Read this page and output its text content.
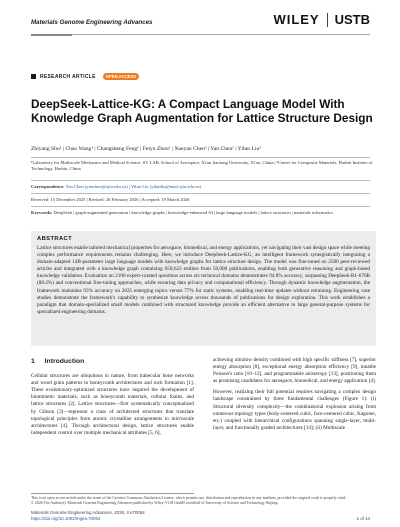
Materials Genome Engineering Advances	WILEY USTB
RESEARCH ARTICLE	OPEN ACCESS
DeepSeek-Lattice-KG: A Compact Language Model With Knowledge Graph Augmentation for Lattice Structure Design
Zhiyang Shu¹ | Chao Wang¹ | Changsheng Feng¹ | Feiyu Zhou¹ | Xueyan Chen² | Yan Chen¹ | Yilun Liu¹
¹Laboratory for Multiscale Mechanics and Medical Science, SV LAB, School of Aerospace, Xi'an Jiaotong University, Xi'an, China | ²Center for Composite Materials, Harbin Institute of Technology, Harbin, China
Correspondence: Yan Chen (yanchen@xjtu.edu.cn) | Yilun Liu (yilunliu@mail.xjtu.edu.cn)
Received: 15 December 2025 | Revised: 26 February 2026 | Accepted: 19 March 2026
Keywords: DeepSeek | graph-augmented generation | knowledge graphs | knowledge-enhanced AI | large language models | lattice structures | materials informatics
ABSTRACT
Lattice structures enable tailored mechanical properties for aerospace, biomedical, and energy applications, yet navigating their vast design space while meeting complex performance requirements remains challenging. Here, we introduce DeepSeek-Lattice-KG, an intelligent framework synergistically integrating a domain-adapted 14B-parameter large language models with knowledge graphs for lattice structure design. The model was fine-tuned on 2500 peer-reviewed articles and integrated with a knowledge graph containing 658,623 entities from 50,000 publications, enabling both generative reasoning and graph-based knowledge validation. Evaluation on 2100 expert-curated questions across six technical domains demonstrates 94.8% accuracy, surpassing DeepSeek-R1-670B (88.2%) and conventional fine-tuning approaches, while ensuring data privacy and computational efficiency. Through dynamic knowledge augmentation, the framework maintains 93% accuracy on 2025 emerging topics versus 77% for static systems, enabling real-time updates without retraining. Engineering case studies demonstrate the framework's capability to synthesize knowledge across thousands of publications for design exploration. This work establishes a paradigm that domain-specialized small models combined with structured knowledge provide an efficient alternative to large general-purpose systems for specialized engineering domains.
1 Introduction

Cellular structures are ubiquitous in nature, from trabecular bone networks and wood grain patterns to honeycomb architectures and rock formation [1]. These evolutionary-optimized structures have inspired the development of biomimetic materials, such as honeycomb materials, cellular foams, and lattice structures [2]. Lattice structures—first systematically conceptualized by Gibson [3]—represent a class of architected structures that translate topological principles from atomic crystalline arrangements to microscale architectures [4]. Through architectural design, lattice structures enable independent control over multiple mechanical attributes [5, 6],

achieving ultralow density combined with high specific stiffness [7], superior energy absorption [8], exceptional energy absorption efficiency [9], tunable Poisson's ratio [10–12], and programmable anisotropy [13], positioning them as promising candidates for aerospace, biomedical, and energy application [4].

However, realizing their full potential requires navigating a complex design landscape constrained by three fundamental challenges (Figure 1): (i) Structural diversity complexity—the combinatorial explosion arising from numerous topology types (body-centered cubic, face-centered cubic, Kagome, etc.) coupled with hierarchical configurations spanning single-layer, multi-layer, and functionally graded architectures [14]; (ii) Multiscale

This is an open access article under the terms of the Creative Commons Attribution License, which permits use, distribution and reproduction in any medium, provided the original work is properly cited.
© 2026 The Author(s). Materials Genome Engineering Advances published by Wiley-VCH GmbH on behalf of University of Science and Technology Beijing.
Materials Genome Engineering Advances, 2026; 4:e70064
https://doi.org/10.1002/mgea.70064	1 of 14
